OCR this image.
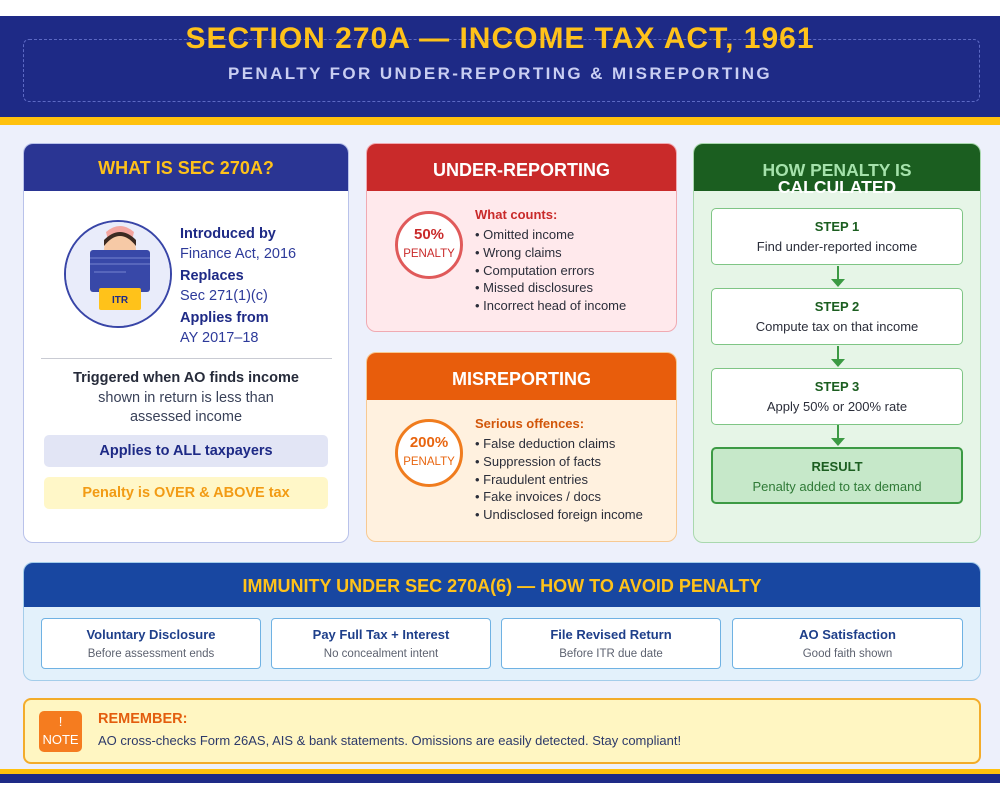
SECTION 270A — INCOME TAX ACT, 1961
PENALTY FOR UNDER-REPORTING & MISREPORTING
WHAT IS SEC 270A?
ITR
Introduced by
Finance Act, 2016
Replaces
Sec 271(1)(c)
Applies from
AY 2017–18
Triggered when AO finds income
shown in return is less than assessed income
Applies to ALL taxpayers
Penalty is OVER & ABOVE tax
UNDER-REPORTING
50%
PENALTY
What counts:
• Omitted income
• Wrong claims
• Computation errors
• Missed disclosures
• Incorrect head of income
MISREPORTING
200%
PENALTY
Serious offences:
• False deduction claims
• Suppression of facts
• Fraudulent entries
• Fake invoices / docs
• Undisclosed foreign income
HOW PENALTY IS
CALCULATED
STEP 1
Find under-reported income
STEP 2
Compute tax on that income
STEP 3
Apply 50% or 200% rate
RESULT
Penalty added to tax demand
IMMUNITY UNDER SEC 270A(6) — HOW TO AVOID PENALTY
Voluntary Disclosure
Before assessment ends
Pay Full Tax + Interest
No concealment intent
File Revised Return
Before ITR due date
AO Satisfaction
Good faith shown
!
NOTE
REMEMBER:
AO cross-checks Form 26AS, AIS & bank statements. Omissions are easily detected. Stay compliant!
